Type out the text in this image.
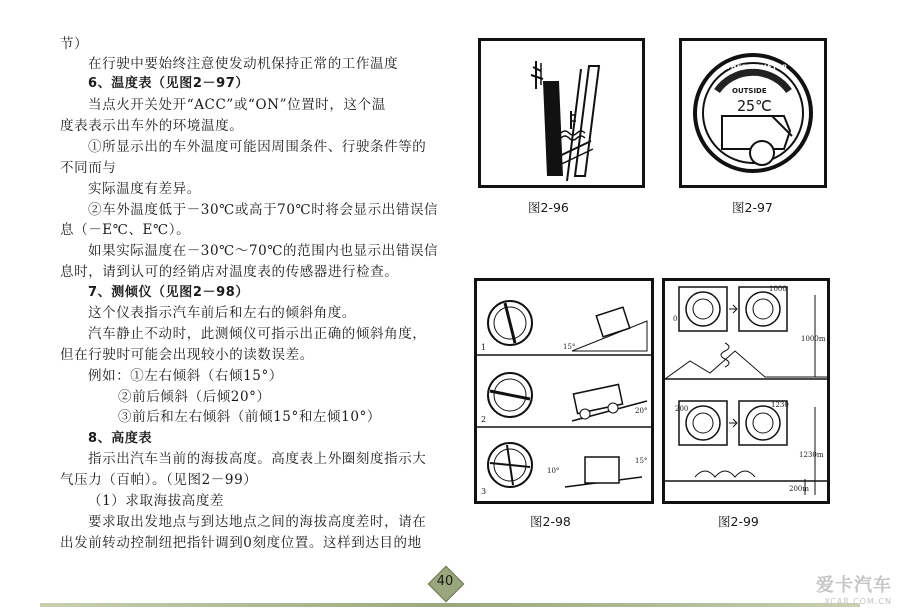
节）
在行驶中要始终注意使发动机保持正常的工作温度
6、温度表（见图2－97）
当点火开关处开“ACC”或“ON”位置时，这个温
度表表示出车外的环境温度。
①所显示出的车外温度可能因周围条件、行驶条件等的
不同而与
实际温度有差异。
②车外温度低于－30℃或高于70℃时将会显示出错误信
息（－E℃、E℃）。
如果实际温度在－30℃～70℃的范围内也显示出错误信
息时，请到认可的经销店对温度表的传感器进行检查。
7、测倾仪（见图2－98）
这个仪表指示汽车前后和左右的倾斜角度。
汽车静止不动时，此测倾仪可指示出正确的倾斜角度，
但在行驶时可能会出现较小的读数误差。
例如：①左右倾斜（右倾15°）
②前后倾斜（后倾20°）
③前后和左右倾斜（前倾15°和左倾10°）
8、高度表
指示出汽车当前的海拔高度。高度表上外圈刻度指示大
气压力（百帕）。（见图2－99）
（1）求取海拔高度差
要求取出发地点与到达地点之间的海拔高度差时，请在
出发前转动控制纽把指针调到0刻度位置。这样到达目的地
图2-96
THERMOMETER
OUTSIDE
25℃
图2-97
1
2
3
15°
20°
10°
15°
图2-98
0
1000
1000m
200	1230
1230m
200m
图2-99
40	爱卡汽车
XCAR.COM.CN
